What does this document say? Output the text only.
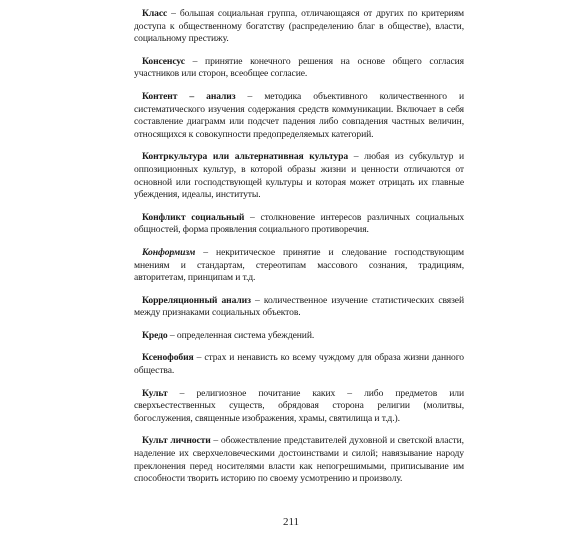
Класс – большая социальная группа, отличающаяся от других по критериям доступа к общественному богатству (распределению благ в обществе), власти, социальному престижу.

Консенсус – принятие конечного решения на основе общего согласия участников или сторон, всеобщее согласие.

Контент – анализ – методика объективного количественного и систематического изучения содержания средств коммуникации. Включает в себя составление диаграмм или подсчет падения либо совпадения частных величин, относящихся к совокупности предопределяемых категорий.

Контркультура или альтернативная культура – любая из субкультур и оппозиционных культур, в которой образы жизни и ценности отличаются от основной или господствующей культуры и которая может отрицать их главные убеждения, идеалы, институты.

Конфликт социальный – столкновение интересов различных социальных общностей, форма проявления социального противоречия.

Конформизм – некритическое принятие и следование господствующим мнениям и стандартам, стереотипам массового сознания, традициям, авторитетам, принципам и т.д.

Корреляционный анализ – количественное изучение статистических связей между признаками социальных объектов.

Кредо – определенная система убеждений.

Ксенофобия – страх и ненависть ко всему чуждому для образа жизни данного общества.

Культ – религиозное почитание каких – либо предметов или сверхъестественных существ, обрядовая сторона религии (молитвы, богослужения, священные изображения, храмы, святилища и т.д.).

Культ личности – обожествление представителей духовной и светской власти, наделение их сверхчеловеческими достоинствами и силой; навязывание народу преклонения перед носителями власти как непогрешимыми, приписывание им способности творить историю по своему усмотрению и произволу.

211
